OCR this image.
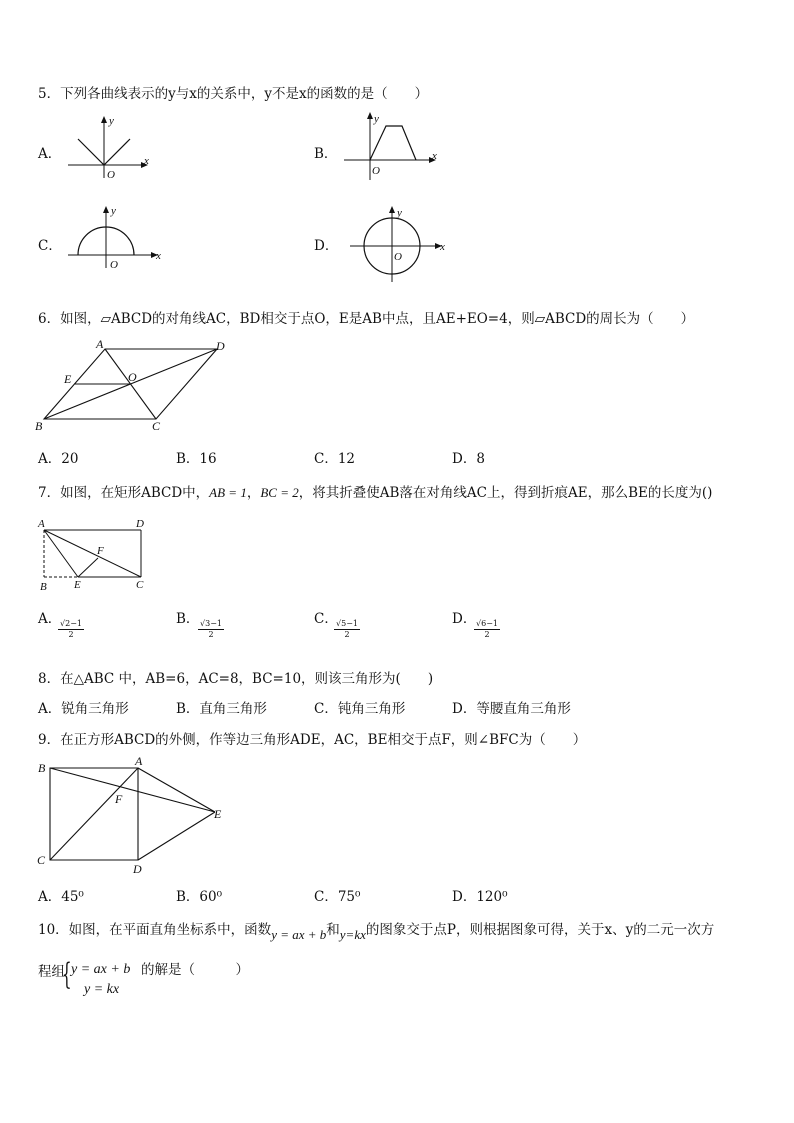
5．下列各曲线表示的y与x的关系中，y不是x的函数的是（　　）
A．
y
x
O
B．
y
x
O
C．
y
x
O
D．
y
x
O
6．如图，▱ABCD的对角线AC，BD相交于点O，E是AB中点，且AE+EO=4，则▱ABCD的周长为（　　）
A	D
B	C
E	O
A．20	B．16	C．12	D．8
7．如图，在矩形ABCD中，AB = 1，BC = 2，将其折叠使AB落在对角线AC上，得到折痕AE，那么BE的长度为()
A	D
B E	C
F
A．
$\frac{√2-1}{2}$	B．
$\frac{√3-1}{2}$	C．
$\frac{√5-1}{2}$	D．
$\frac{√6-1}{2}$
8．在△ABC 中，AB=6，AC=8，BC=10，则该三角形为(　　)
A．锐角三角形	B．直角三角形	C．钝角三角形	D．等腰直角三角形
9．在正方形ABCD的外侧，作等边三角形ADE，AC，BE相交于点F，则∠BFC为（　　）
B	A
E
C
D
F
A．45⁰	B．60⁰	C．75⁰	D．120⁰
10．如图，在平面直角坐标系中，函数y = ax + b和y=kx的图象交于点P，则根据图象可得，关于x、y的二元一次方
程组
{ y = ax + b
y = kx
的解是（　　　）
